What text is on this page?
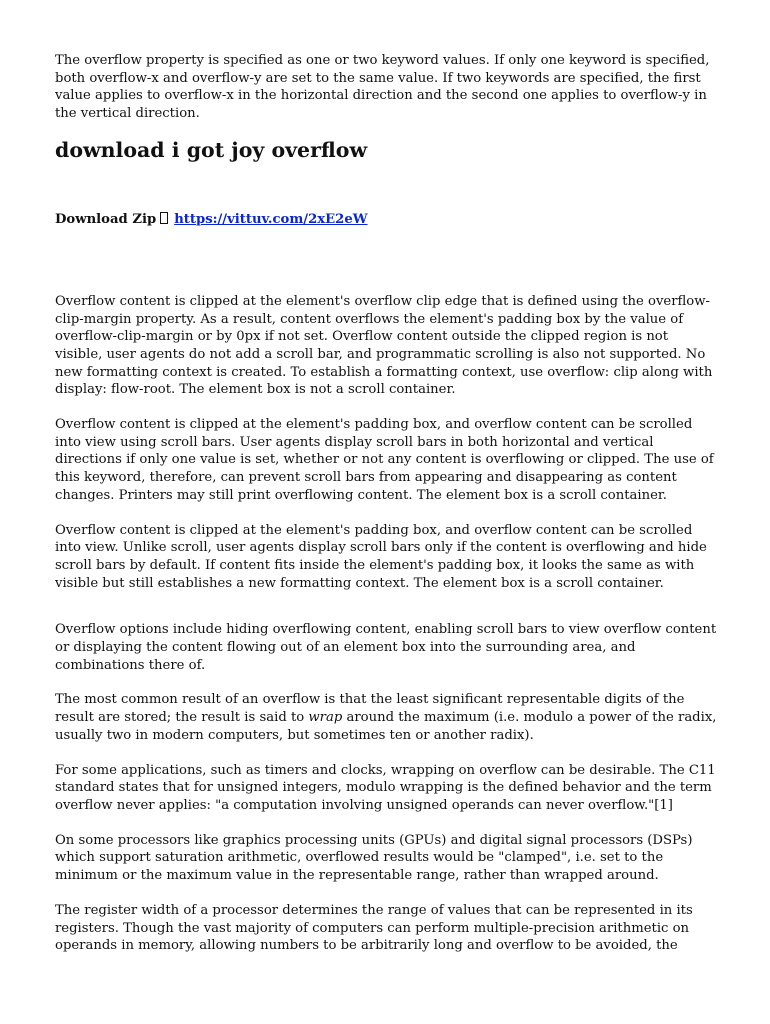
The overflow property is specified as one or two keyword values. If only one keyword is specified, both overflow-x and overflow-y are set to the same value. If two keywords are specified, the first value applies to overflow-x in the horizontal direction and the second one applies to overflow-y in the vertical direction.

download i got joy overflow
Download Zip https://vittuv.com/2xE2eW

Overflow content is clipped at the element's overflow clip edge that is defined using the overflow-clip-margin property. As a result, content overflows the element's padding box by the value of overflow-clip-margin or by 0px if not set. Overflow content outside the clipped region is not visible, user agents do not add a scroll bar, and programmatic scrolling is also not supported. No new formatting context is created. To establish a formatting context, use overflow: clip along with display: flow-root. The element box is not a scroll container.

Overflow content is clipped at the element's padding box, and overflow content can be scrolled into view using scroll bars. User agents display scroll bars in both horizontal and vertical directions if only one value is set, whether or not any content is overflowing or clipped. The use of this keyword, therefore, can prevent scroll bars from appearing and disappearing as content changes. Printers may still print overflowing content. The element box is a scroll container.

Overflow content is clipped at the element's padding box, and overflow content can be scrolled into view. Unlike scroll, user agents display scroll bars only if the content is overflowing and hide scroll bars by default. If content fits inside the element's padding box, it looks the same as with visible but still establishes a new formatting context. The element box is a scroll container.

Overflow options include hiding overflowing content, enabling scroll bars to view overflow content or displaying the content flowing out of an element box into the surrounding area, and combinations there of.

The most common result of an overflow is that the least significant representable digits of the result are stored; the result is said to wrap around the maximum (i.e. modulo a power of the radix, usually two in modern computers, but sometimes ten or another radix).

For some applications, such as timers and clocks, wrapping on overflow can be desirable. The C11 standard states that for unsigned integers, modulo wrapping is the defined behavior and the term overflow never applies: "a computation involving unsigned operands can never overflow."[1]

On some processors like graphics processing units (GPUs) and digital signal processors (DSPs) which support saturation arithmetic, overflowed results would be "clamped", i.e. set to the minimum or the maximum value in the representable range, rather than wrapped around.

The register width of a processor determines the range of values that can be represented in its registers. Though the vast majority of computers can perform multiple-precision arithmetic on operands in memory, allowing numbers to be arbitrarily long and overflow to be avoided, the
